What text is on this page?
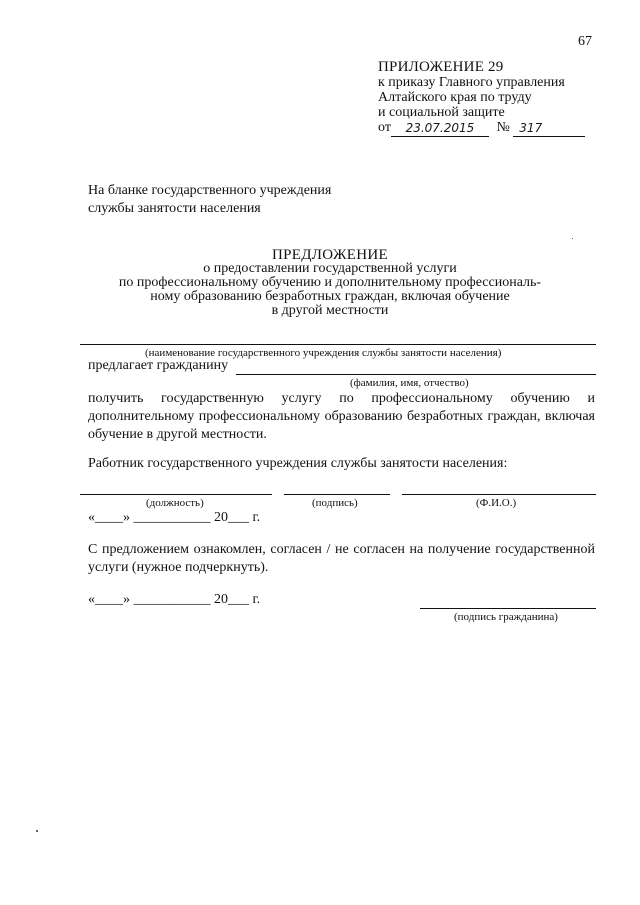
67
ПРИЛОЖЕНИЕ 29
к приказу Главного управления
Алтайского края по труду
и социальной защите
от 23.07.2015 № 317
На бланке государственного учреждения
службы занятости населения
ПРЕДЛОЖЕНИЕ
о предоставлении государственной услуги
по профессиональному обучению и дополнительному профессиональ-
ному образованию безработных граждан, включая обучение
в другой местности
(наименование государственного учреждения службы занятости населения)
предлагает гражданину
(фамилия, имя, отчество)
получить государственную услугу по профессиональному обучению и дополнительному профессиональному образованию безработных граждан, включая обучение в другой местности.
Работник государственного учреждения службы занятости населения:
(должность)	(подпись)	(Ф.И.О.)
«____» ___________ 20___ г.
С предложением ознакомлен, согласен / не согласен на получение государственной услуги (нужное подчеркнуть).
«____» ___________ 20___ г.
(подпись гражданина)
